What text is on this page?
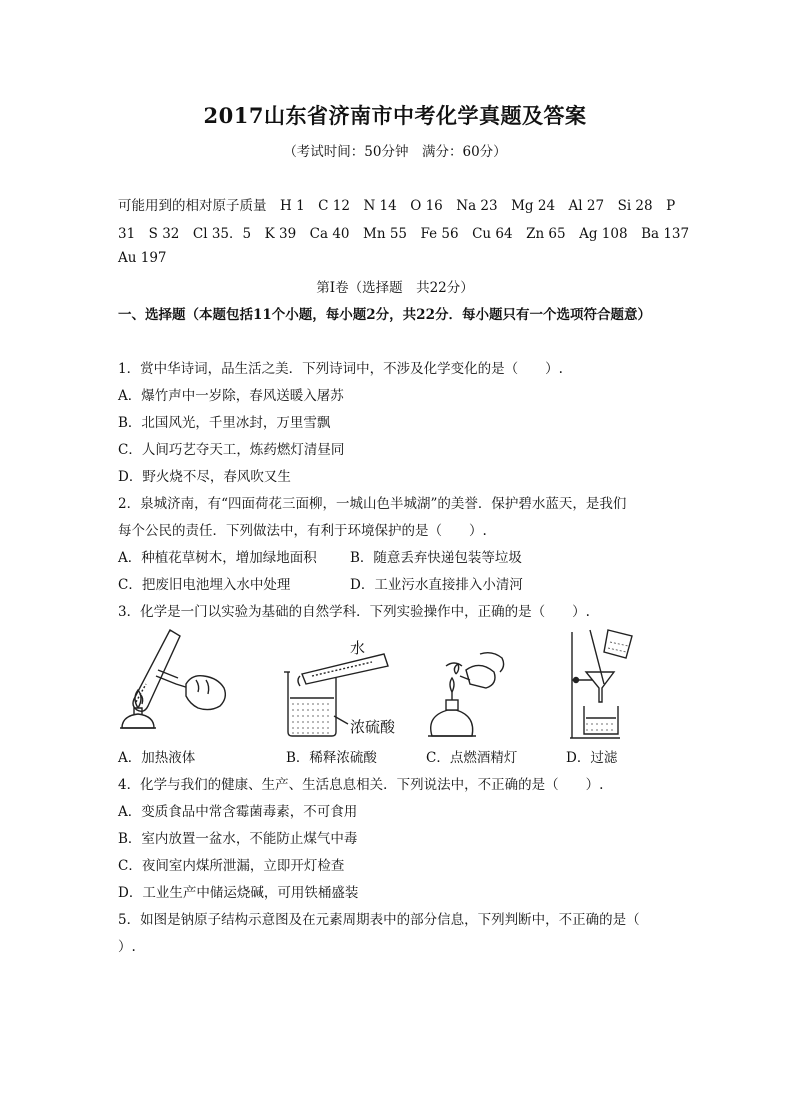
2017山东省济南市中考化学真题及答案
（考试时间：50分钟　满分：60分）
可能用到的相对原子质量　H 1　C 12　N 14　O 16　Na 23　Mg 24　Al 27　Si 28　P
31　S 32　Cl 35．5　K 39　Ca 40　Mn 55　Fe 56　Cu 64　Zn 65　Ag 108　Ba 137
Au 197
第Ⅰ卷（选择题　共22分）
一、选择题（本题包括11个小题，每小题2分，共22分．每小题只有一个选项符合题意）
1．赏中华诗词，品生活之美．下列诗词中，不涉及化学变化的是（　　）.
A．爆竹声中一岁除，春风送暖入屠苏
B．北国风光，千里冰封，万里雪飘
C．人间巧艺夺天工，炼药燃灯清昼同
D．野火烧不尽，春风吹又生
2．泉城济南，有“四面荷花三面柳，一城山色半城湖”的美誉．保护碧水蓝天，是我们
每个公民的责任．下列做法中，有利于环境保护的是（　　）.
A．种植花草树木，增加绿地面积 B．随意丢弃快递包装等垃圾
C．把废旧电池埋入水中处理	D．工业污水直接排入小清河
3．化学是一门以实验为基础的自然学科．下列实验操作中，正确的是（　　）.
水
浓硫酸
A．加热液体	B．稀释浓硫酸	C．点燃酒精灯	D．过滤
4．化学与我们的健康、生产、生活息息相关．下列说法中，不正确的是（　　）.
A．变质食品中常含霉菌毒素，不可食用
B．室内放置一盆水，不能防止煤气中毒
C．夜间室内煤所泄漏，立即开灯检查
D．工业生产中储运烧碱，可用铁桶盛装
5．如图是钠原子结构示意图及在元素周期表中的部分信息，下列判断中，不正确的是（
）.
